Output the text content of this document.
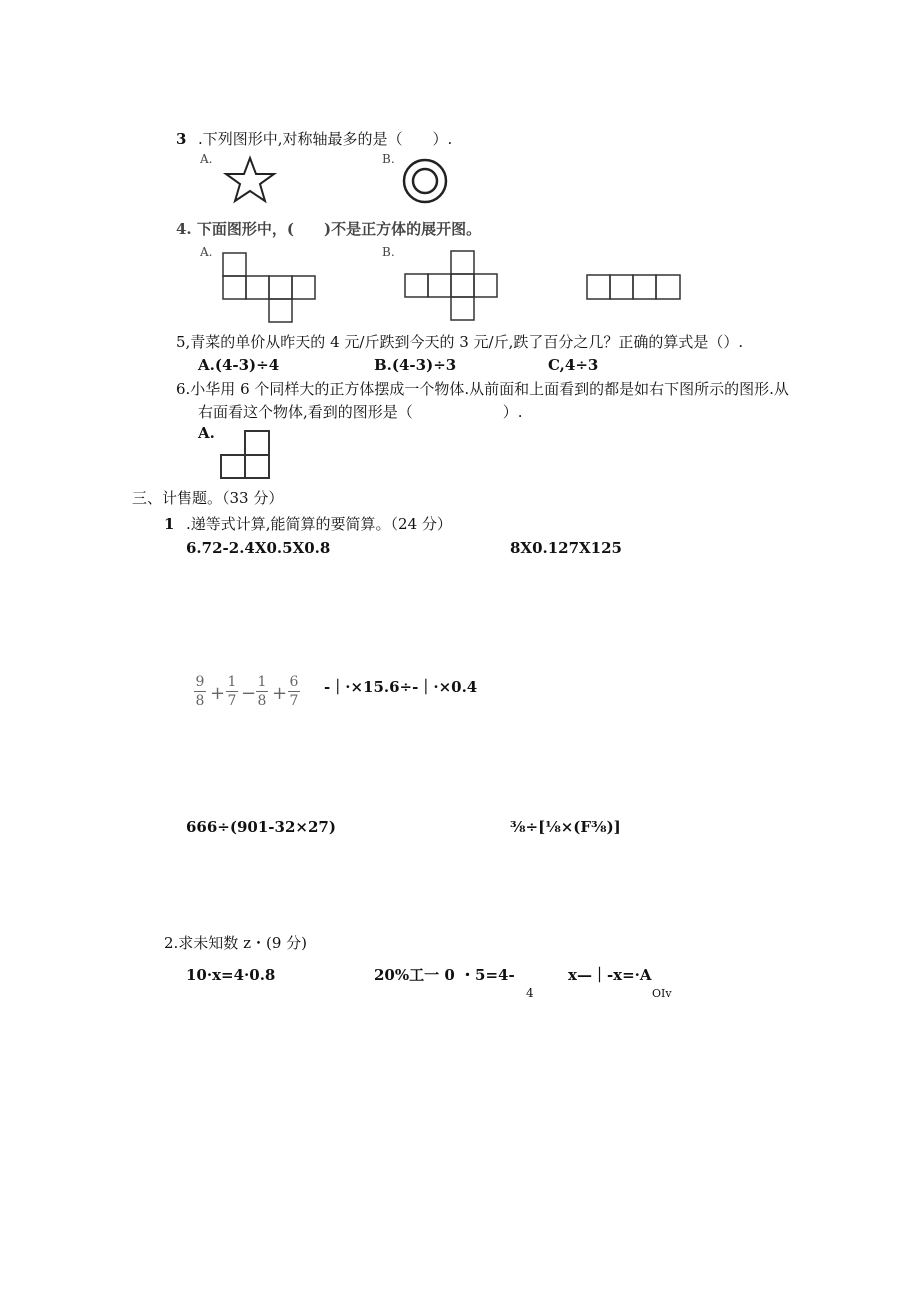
3 .下列图形中,对称轴最多的是（　　）.
A.	B.
4. 下面图形中，(　　)不是正方体的展开图。
A.	B.
5,青菜的单价从昨天的 4 元/斤跌到今天的 3 元/斤,跌了百分之几？正确的算式是（）.
A.(4-3)÷4	B.(4-3)÷3	C,4÷3
6.小华用 6 个同样大的正方体摆成一个物体.从前面和上面看到的都是如右下图所示的图形.从
右面看这个物体,看到的图形是（　　　　　　）.
A.
三、计售题。（33 分）
1 .递等式计算,能简算的要简算。（24 分）
6.72-2.4X0.5X0.8	8X0.127X125
9
8 +
1
7 −
1
8 +
6
7
-｜·×15.6÷-｜·×0.4
666÷(901-32×27)	⅜÷[⅛×(F⅜)]
2.求未知数 z・(9 分)
10·x=4·0.8	20%工一 0 ・5=4-
4
x—｜-x=·A
OIv
